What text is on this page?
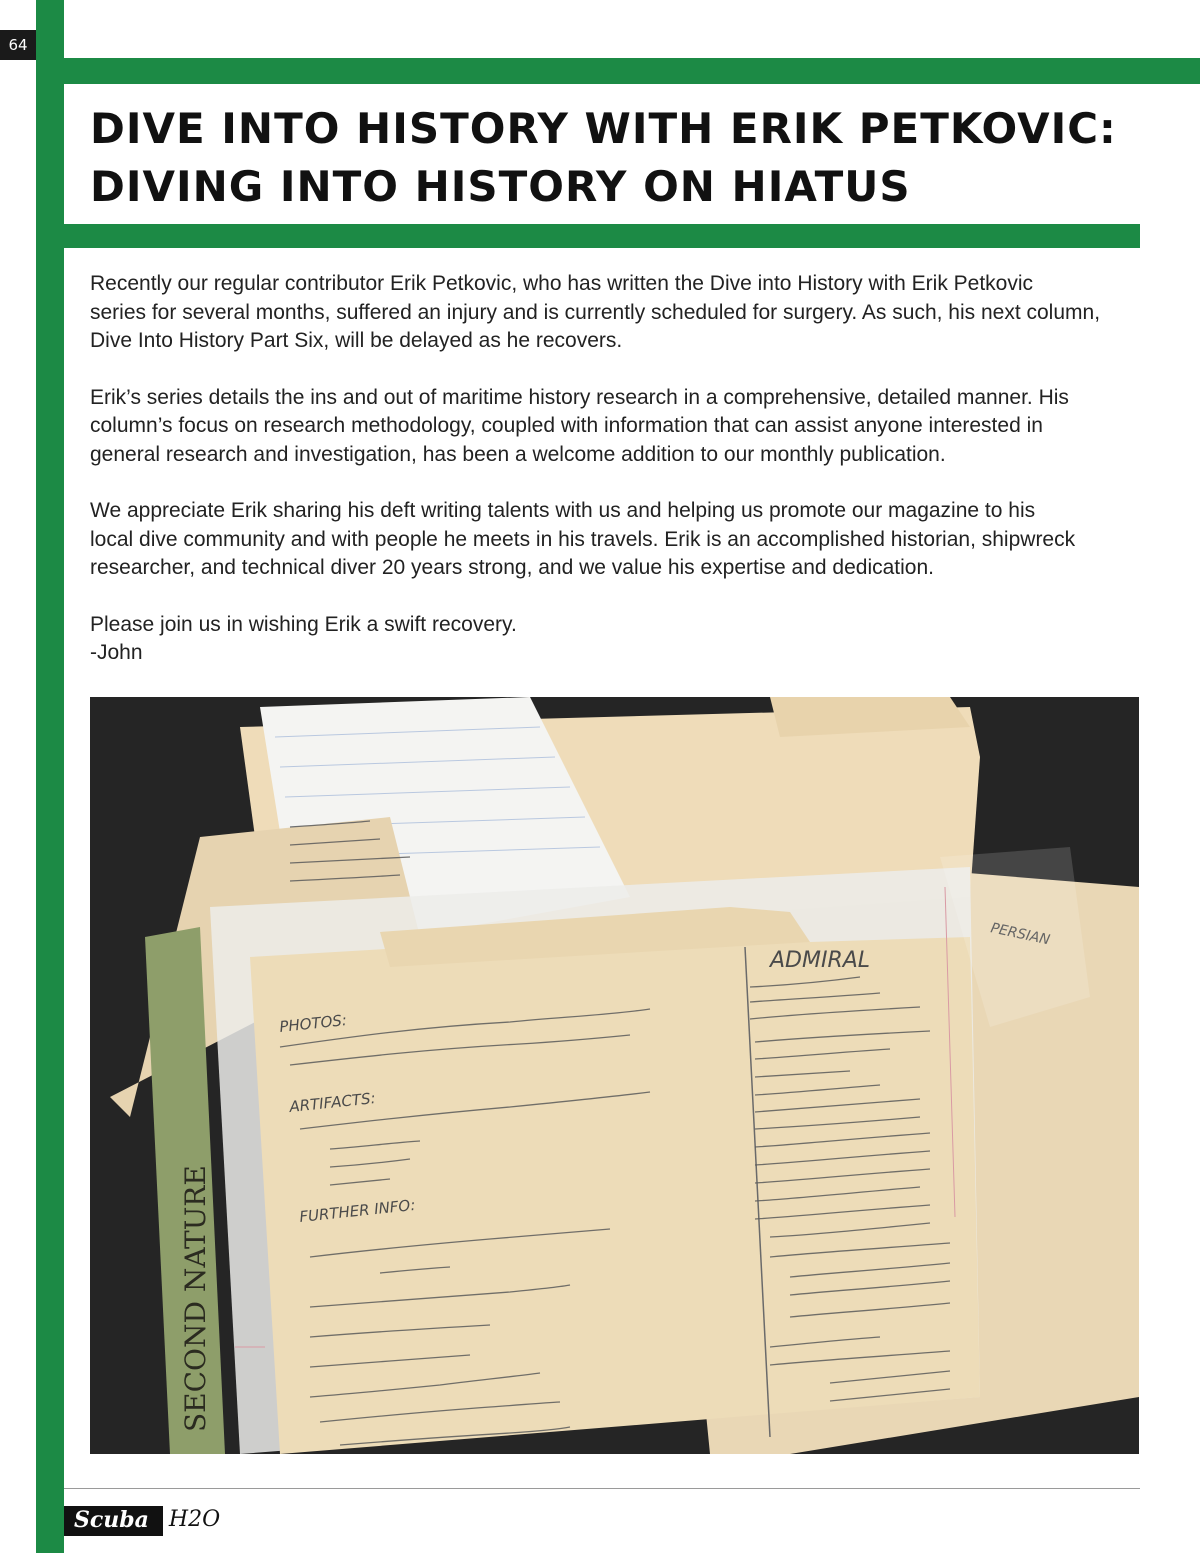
64
DIVE INTO HISTORY WITH ERIK PETKOVIC:
DIVING INTO HISTORY ON HIATUS

Recently our regular contributor Erik Petkovic, who has written the Dive into History with Erik Petkovic
series for several months, suffered an injury and is currently scheduled for surgery. As such, his next column,
Dive Into History Part Six, will be delayed as he recovers.

Erik’s series details the ins and out of maritime history research in a comprehensive, detailed manner. His
column’s focus on research methodology, coupled with information that can assist anyone interested in
general research and investigation, has been a welcome addition to our monthly publication.

We appreciate Erik sharing his deft writing talents with us and helping us promote our magazine to his
local dive community and with people he meets in his travels. Erik is an accomplished historian, shipwreck
researcher, and technical diver 20 years strong, and we value his expertise and dedication.

Please join us in wishing Erik a swift recovery.
-John

SECOND NATURE
ADMIRAL
PHOTOS:
ARTIFACTS:
FURTHER INFO:
PERSIAN
Scuba H2O
